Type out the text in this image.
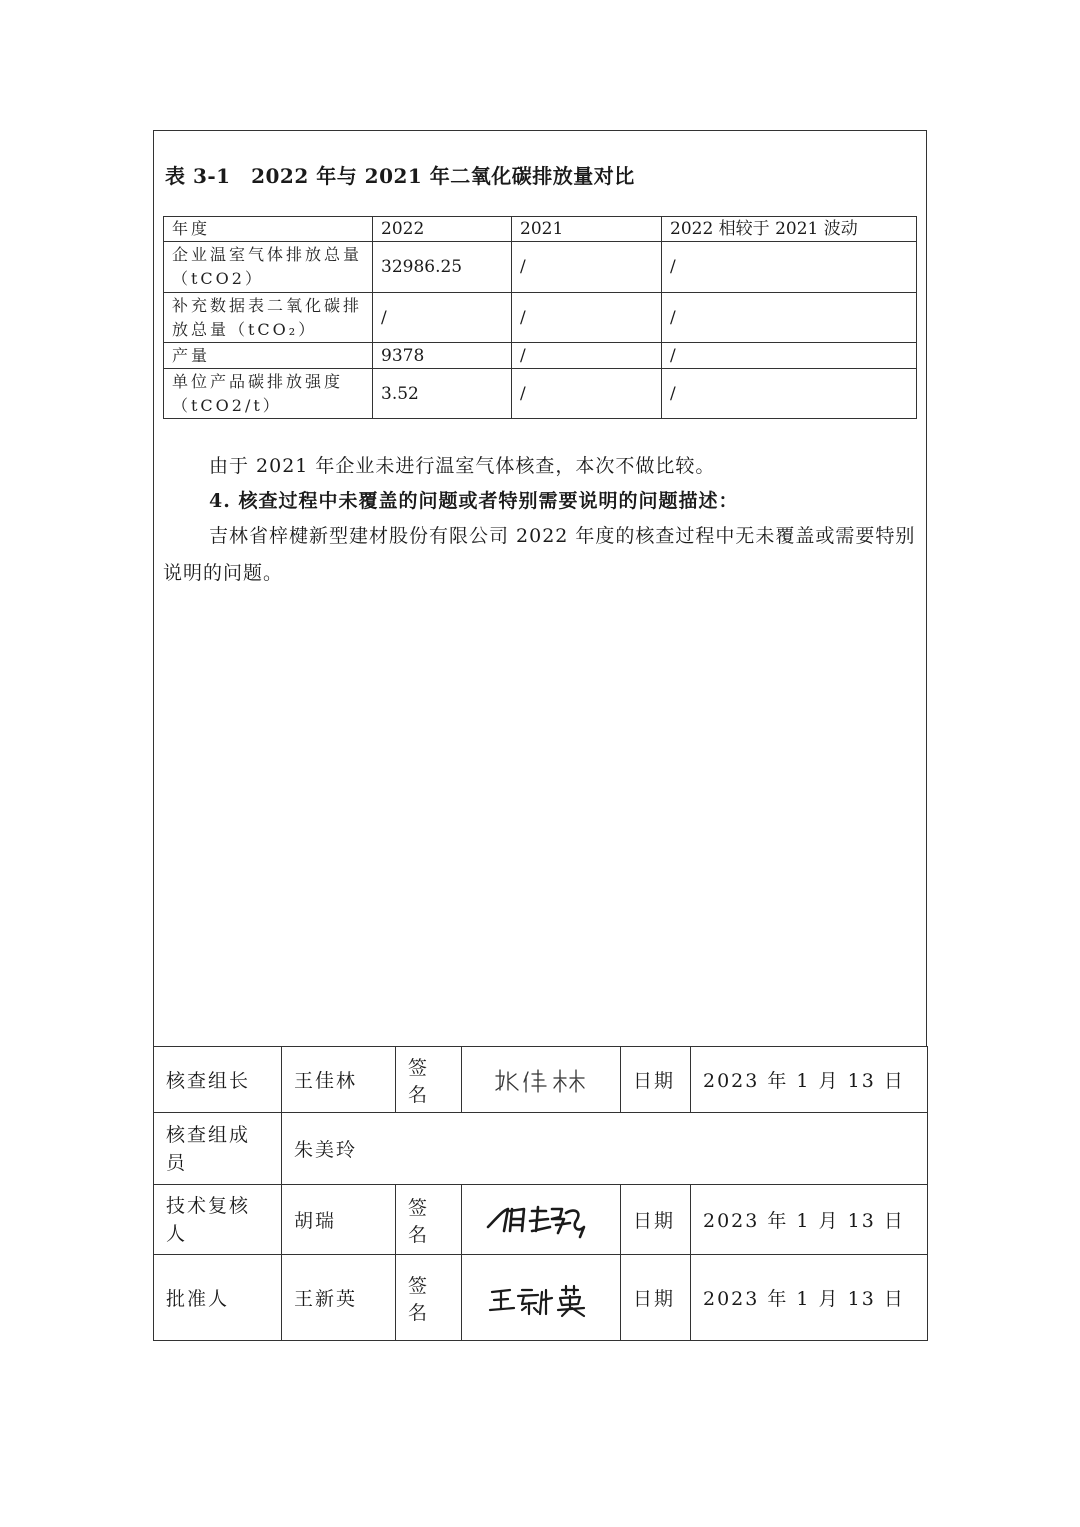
表 3-1　2022 年与 2021 年二氧化碳排放量对比
年度	2022	2021	2022 相较于 2021 波动
企业温室气体排放总量（tCO2）	32986.25	/	/
补充数据表二氧化碳排放总量（tCO₂）	/	/	/
产量	9378	/	/
单位产品碳排放强度（tCO2/t）	3.52	/	/
由于 2021 年企业未进行温室气体核查，本次不做比较。
4. 核查过程中未覆盖的问题或者特别需要说明的问题描述：
吉林省梓楗新型建材股份有限公司 2022 年度的核查过程中无未覆盖或需要特别说明的问题。
核查组长	王佳林	签名		日期	2023 年 1 月 13 日
核查组成员	朱美玲				
技术复核人	胡瑞	签名		日期	2023 年 1 月 13 日
批准人	王新英	签名		日期	2023 年 1 月 13 日
